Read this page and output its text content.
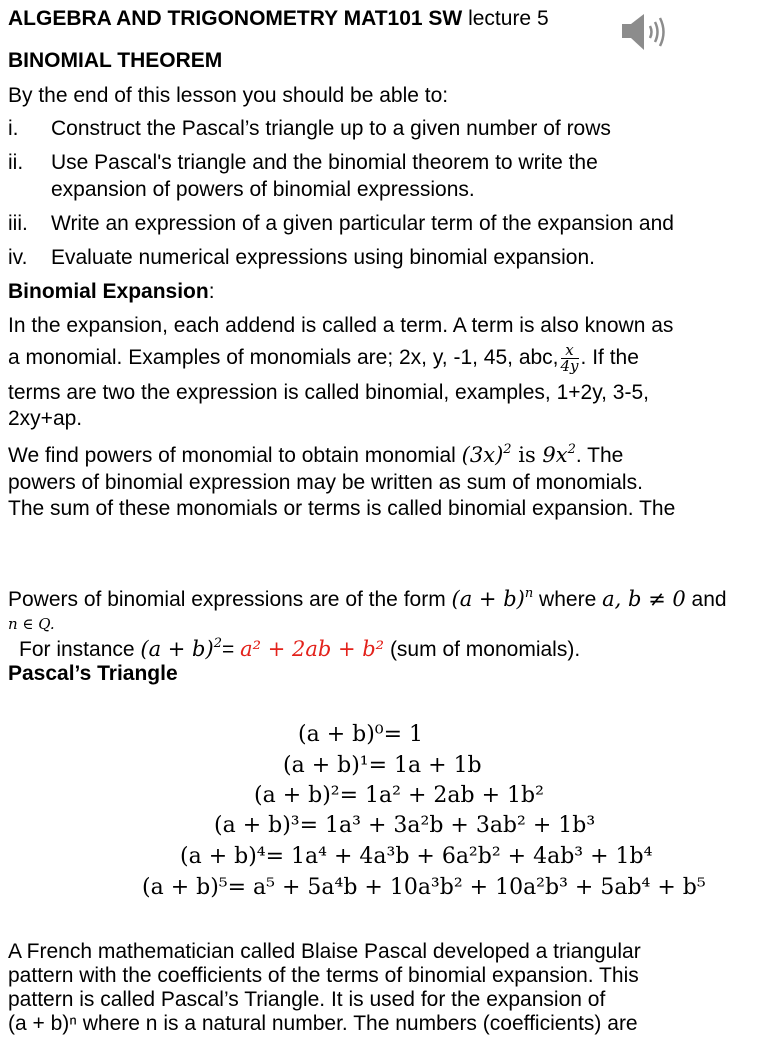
ALGEBRA AND TRIGONOMETRY MAT101 SW lecture 5
BINOMIAL THEOREM
By the end of this lesson you should be able to:
i.	Construct the Pascal’s triangle up to a given number of rows
ii.	Use Pascal's triangle and the binomial theorem to write the
expansion of powers of binomial expressions.
iii.	Write an expression of a given particular term of the expansion and
iv.	Evaluate numerical expressions using binomial expansion.
Binomial Expansion:
In the expansion, each addend is called a term. A term is also known as
a monomial. Examples of monomials are; 2x, y, -1, 45, abc, $\frac{x}{4y}$ . If the
terms are two the expression is called binomial, examples, 1+2y, 3-5,
2xy+ap.
We find powers of monomial to obtain monomial $(3x)^2$ is $9x^2$. The
powers of binomial expression may be written as sum of monomials.
The sum of these monomials or terms is called binomial expansion. The
Powers of binomial expressions are of the form $(a + b)^n$ where a, b ≠ 0 and
n ∈ Q.
For instance $(a + b)^2= a^2 + 2ab + b^2$ (sum of monomials).
Pascal’s Triangle
(a + b)⁰= 1
(a + b)¹= 1a + 1b
(a + b)²= 1a² + 2ab + 1b²
(a + b)³= 1a³ + 3a²b + 3ab² + 1b³
(a + b)⁴= 1a⁴ + 4a³b + 6a²b² + 4ab³ + 1b⁴
(a + b)⁵= a⁵ + 5a⁴b + 10a³b² + 10a²b³ + 5ab⁴ + b⁵
A French mathematician called Blaise Pascal developed a triangular
pattern with the coefficients of the terms of binomial expansion. This
pattern is called Pascal’s Triangle. It is used for the expansion of
(a + b)ⁿ where n is a natural number. The numbers (coefficients) are
